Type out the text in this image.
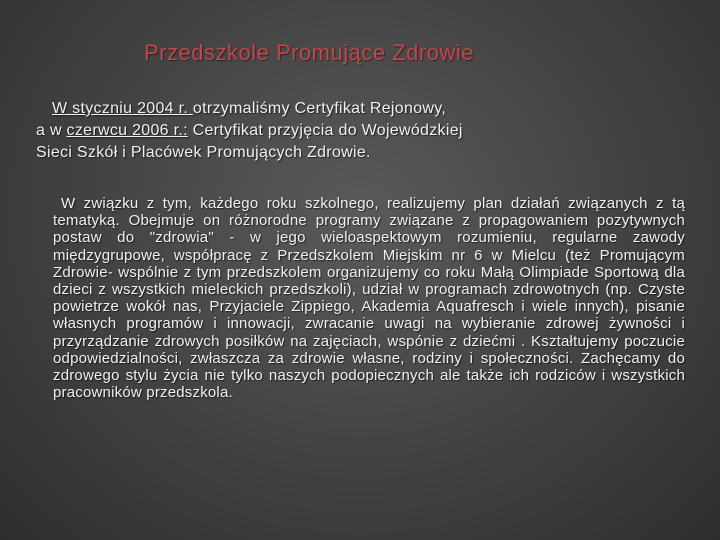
Przedszkole Promujące Zdrowie
W styczniu 2004 r. otrzymaliśmy Certyfikat Rejonowy,
a w czerwcu 2006 r.: Certyfikat przyjęcia do Wojewódzkiej
Sieci Szkół i Placówek Promujących Zdrowie.
W związku z tym, każdego roku szkolnego, realizujemy plan działań związanych z tą tematyką. Obejmuje on różnorodne programy związane z propagowaniem pozytywnych postaw do "zdrowia" - w jego wieloaspektowym rozumieniu, regularne zawody międzygrupowe, współpracę z Przedszkolem Miejskim nr 6 w Mielcu (też Promującym Zdrowie- wspólnie z tym przedszkolem organizujemy co roku Małą Olimpiade Sportową dla dzieci z wszystkich mieleckich przedszkoli), udział w programach zdrowotnych (np. Czyste powietrze wokół nas, Przyjaciele Zippiego, Akademia Aquafresch i wiele innych), pisanie własnych programów i innowacji, zwracanie uwagi na wybieranie zdrowej żywności i przyrządzanie zdrowych posiłków na zajęciach, wspónie z dziećmi . Kształtujemy poczucie odpowiedzialności, zwłaszcza za zdrowie własne, rodziny i społeczności. Zachęcamy do zdrowego stylu życia nie tylko naszych podopiecznych ale także ich rodziców i wszystkich pracowników przedszkola.
